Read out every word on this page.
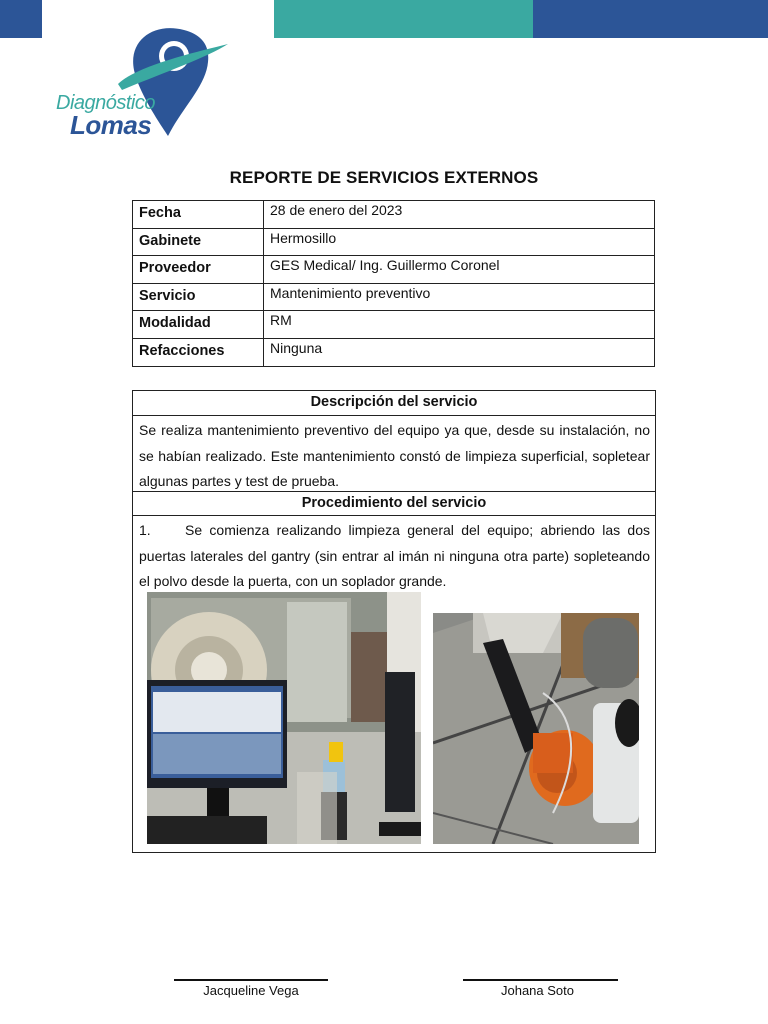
Diagnóstico
Lomas
REPORTE DE SERVICIOS EXTERNOS
Fecha	28 de enero del 2023
Gabinete	Hermosillo
Proveedor	GES Medical/ Ing. Guillermo Coronel
Servicio	Mantenimiento preventivo
Modalidad	RM
Refacciones	Ninguna
Descripción del servicio
Se realiza mantenimiento preventivo del equipo ya que, desde su instalación, no se habían realizado. Este mantenimiento constó de limpieza superficial, sopletear algunas partes y test de prueba.
Procedimiento del servicio
1. Se comienza realizando limpieza general del equipo; abriendo las dos puertas laterales del gantry (sin entrar al imán ni ninguna otra parte) sopleteando el polvo desde la puerta, con un soplador grande.
Jacqueline Vega	Johana Soto
